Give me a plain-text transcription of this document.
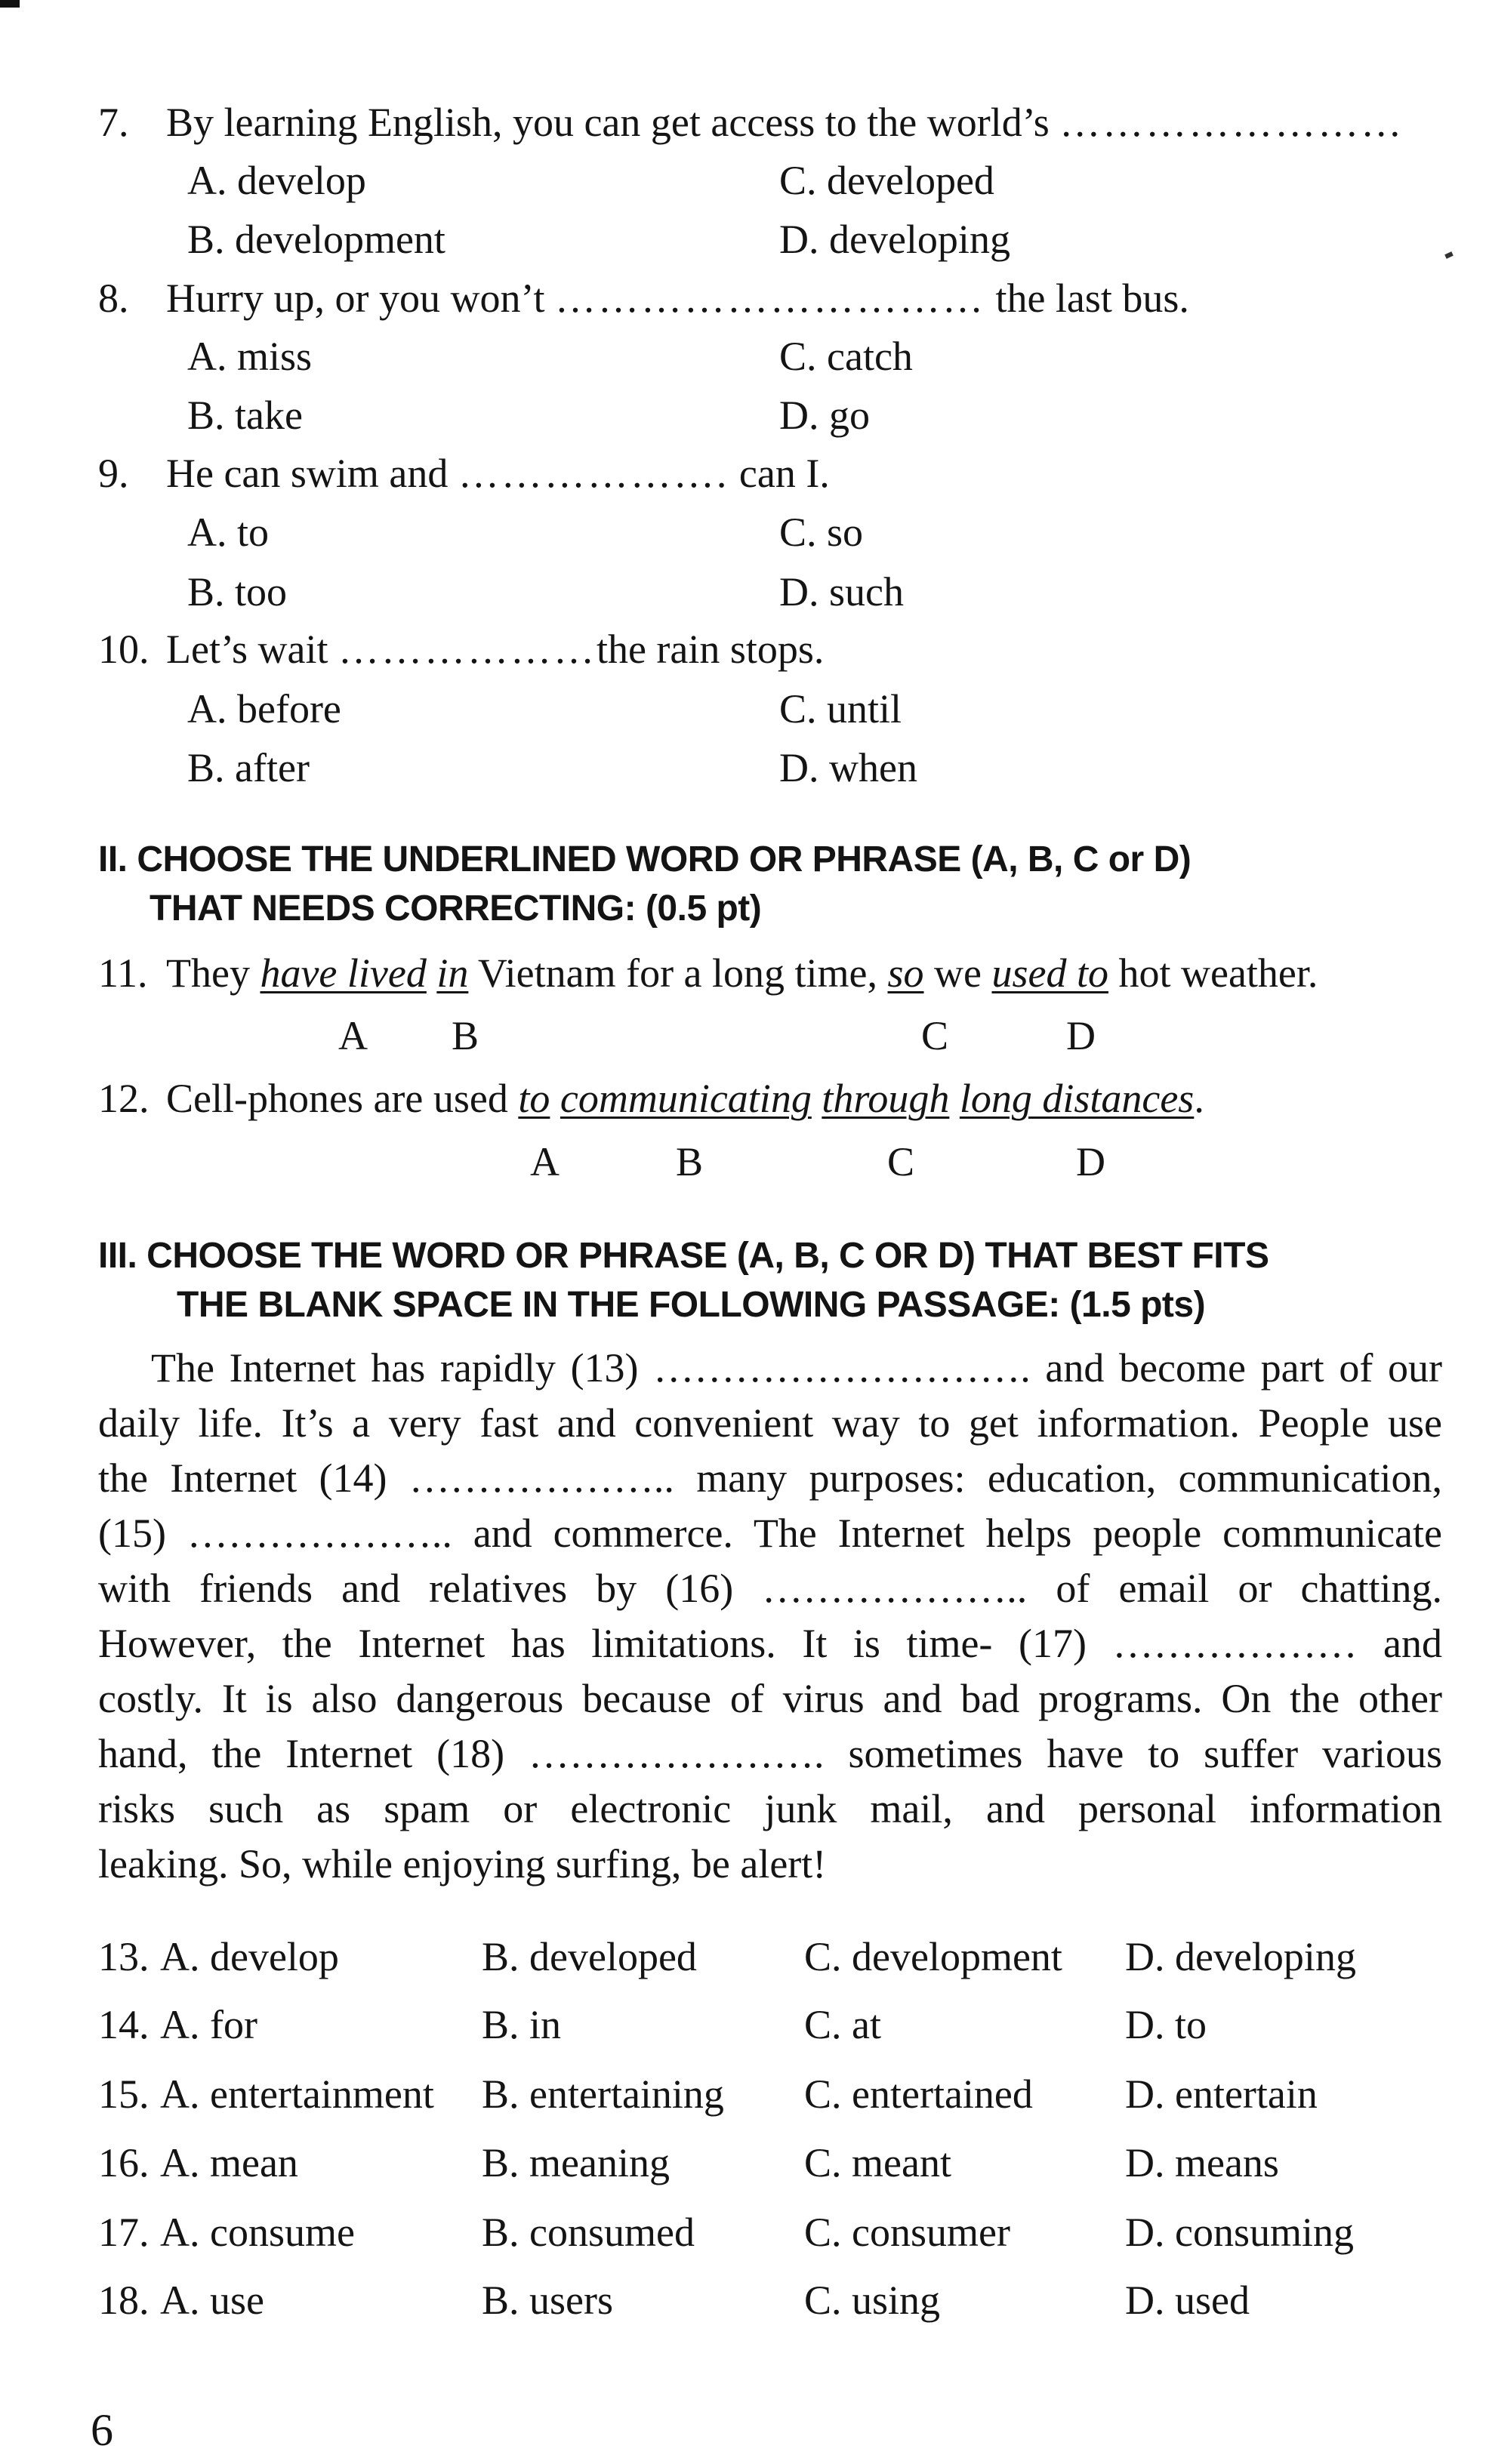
7. By learning English, you can get access to the world’s ……………………
A. develop	C. developed
B. development	D. developing
8. Hurry up, or you won’t ………………………… the last bus.
A. miss	C. catch
B. take	D. go
9. He can swim and ………………. can I.
A. to	C. so
B. too	D. such
10. Let’s wait ………………the rain stops.
A. before	C. until
B. after	D. when
II. CHOOSE THE UNDERLINED WORD OR PHRASE (A, B, C or D)
THAT NEEDS CORRECTING: (0.5 pt)
11. They have lived in Vietnam for a long time, so we used to hot weather.
A B	C	D
12. Cell-phones are used to communicating through long distances.
A	B	C	D
III. CHOOSE THE WORD OR PHRASE (A, B, C OR D) THAT BEST FITS
THE BLANK SPACE IN THE FOLLOWING PASSAGE: (1.5 pts)
The Internet has rapidly (13) ………………………. and become part of our
daily life. It’s a very fast and convenient way to get information. People use
the Internet (14) ……………….. many purposes: education, communication,
(15) ……………….. and commerce. The Internet helps people communicate
with friends and relatives by (16) ……………….. of email or chatting.
However, the Internet has limitations. It is time- (17) ……………… and
costly. It is also dangerous because of virus and bad programs. On the other
hand, the Internet (18) …………………. sometimes have to suffer various
risks such as spam or electronic junk mail, and personal information
leaking. So, while enjoying surfing, be alert!
13. A. develop	B. developed	C. development D. developing
14. A. for	B. in	C. at	D. to
15. A. entertainment B. entertaining C. entertained D. entertain
16. A. mean	B. meaning	C. meant	D. means
17. A. consume	B. consumed	C. consumer	D. consuming
18. A. use	B. users	C. using	D. used
6
